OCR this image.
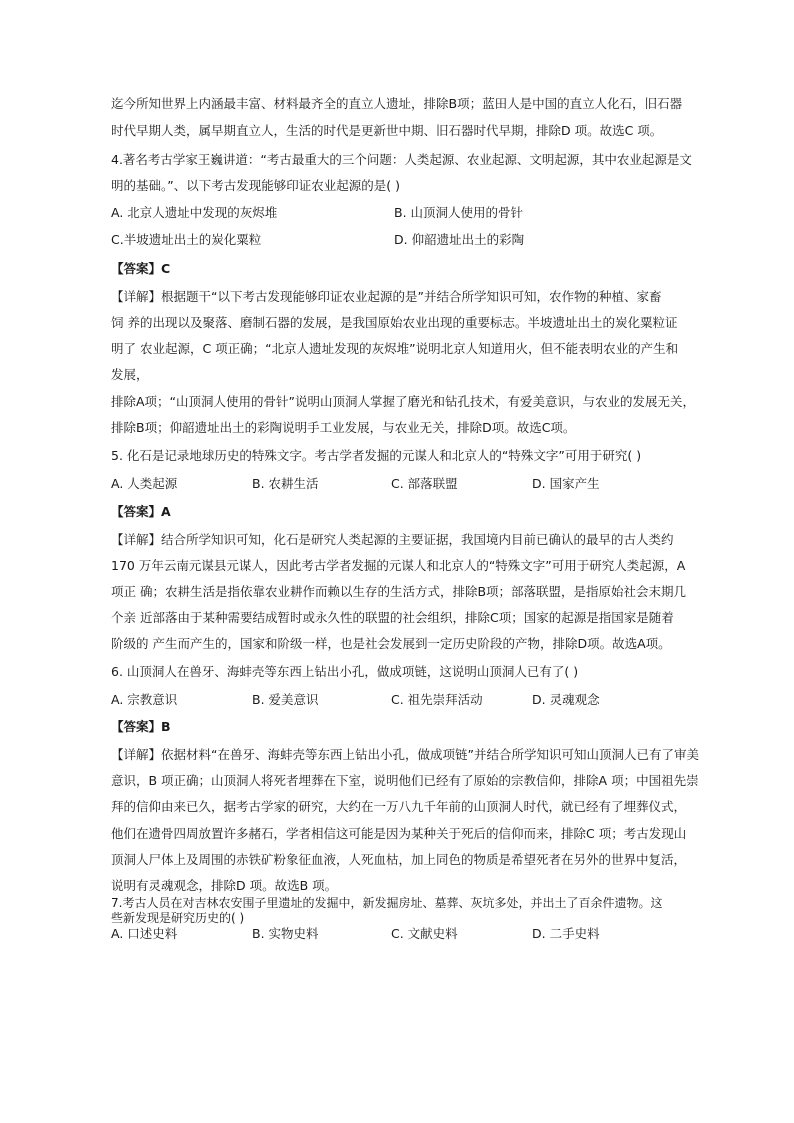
迄今所知世界上内涵最丰富、材料最齐全的直立人遗址，排除B项；蓝田人是中国的直立人化石，旧石器
时代早期人类，属早期直立人，生活的时代是更新世中期、旧石器时代早期，排除D 项。故选C 项。
4.著名考古学家王巍讲道：“考古最重大的三个问题：人类起源、农业起源、文明起源，其中农业起源是文
明的基础。”、以下考古发现能够印证农业起源的是( )
A. 北京人遗址中发现的灰烬堆	B. 山顶洞人使用的骨针
C.半坡遗址出土的炭化粟粒	D. 仰韶遗址出土的彩陶
【答案】C
【详解】根据题干“以下考古发现能够印证农业起源的是”并结合所学知识可知，农作物的种植、家畜
饲 养的出现以及聚落、磨制石器的发展，是我国原始农业出现的重要标志。半坡遗址出土的炭化粟粒证
明了 农业起源，C 项正确；“北京人遗址发现的灰烬堆”说明北京人知道用火，但不能表明农业的产生和
发展，
排除A项；“山顶洞人使用的骨针”说明山顶洞人掌握了磨光和钻孔技术，有爱美意识，与农业的发展无关，
排除B项；仰韶遗址出土的彩陶说明手工业发展，与农业无关，排除D项。故选C项。
5. 化石是记录地球历史的特殊文字。考古学者发掘的元谋人和北京人的“特殊文字”可用于研究( )
A. 人类起源	B. 农耕生活	C. 部落联盟	D. 国家产生
【答案】A
【详解】结合所学知识可知，化石是研究人类起源的主要证据，我国境内目前已确认的最早的古人类约
170 万年云南元谋县元谋人，因此考古学者发掘的元谋人和北京人的“特殊文字”可用于研究人类起源，A
项正 确；农耕生活是指依靠农业耕作而赖以生存的生活方式，排除B项；部落联盟，是指原始社会末期几
个亲 近部落由于某种需要结成暂时或永久性的联盟的社会组织，排除C项；国家的起源是指国家是随着
阶级的 产生而产生的，国家和阶级一样，也是社会发展到一定历史阶段的产物，排除D项。故选A项。
6. 山顶洞人在兽牙、海蚌壳等东西上钻出小孔，做成项链，这说明山顶洞人已有了( )
A. 宗教意识	B. 爱美意识	C. 祖先崇拜活动	D. 灵魂观念
【答案】B
【详解】依据材料“在兽牙、海蚌壳等东西上钻出小孔，做成项链”并结合所学知识可知山顶洞人已有了审美
意识，B 项正确；山顶洞人将死者埋葬在下室，说明他们已经有了原始的宗教信仰，排除A 项；中国祖先崇
拜的信仰由来已久，据考古学家的研究，大约在一万八九千年前的山顶洞人时代，就已经有了埋葬仪式，
他们在遗骨四周放置许多赭石，学者相信这可能是因为某种关于死后的信仰而来，排除C 项；考古发现山
顶洞人尸体上及周围的赤铁矿粉象征血液，人死血枯，加上同色的物质是希望死者在另外的世界中复活，
说明有灵魂观念，排除D 项。故选B 项。
7.考古人员在对吉林农安围子里遗址的发掘中，新发掘房址、墓葬、灰坑多处，并出土了百余件遗物。这
些新发现是研究历史的( )
A. 口述史料	B. 实物史料	C. 文献史料	D. 二手史料
